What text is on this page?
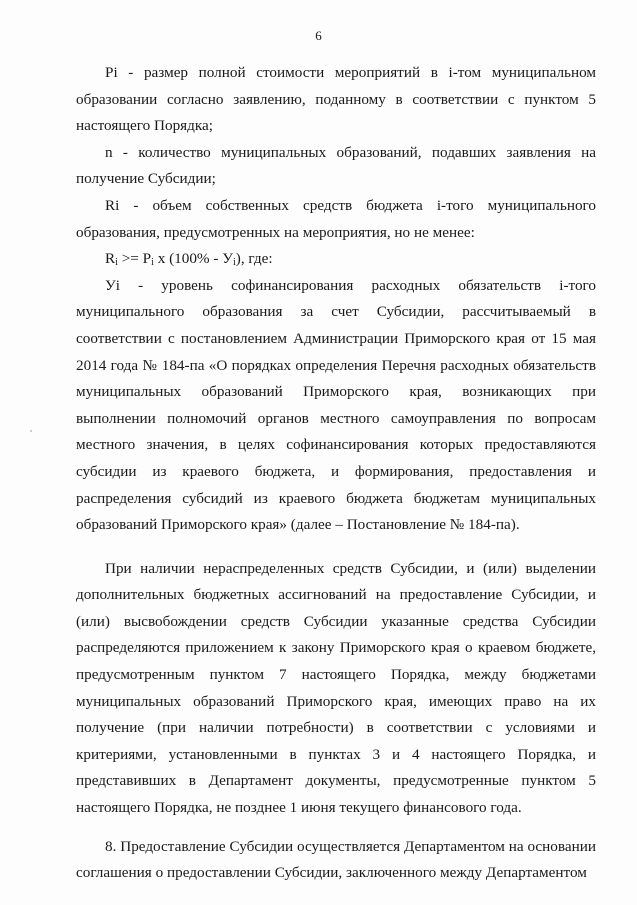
6

Pi - размер полной стоимости мероприятий в i-том муниципальном образовании согласно заявлению, поданному в соответствии с пунктом 5 настоящего Порядка;

n - количество муниципальных образований, подавших заявления на получение Субсидии;

Ri - объем собственных средств бюджета i-того муниципального образования, предусмотренных на мероприятия, но не менее:

$R_i >= P_i$ x $(100\% - У_i)$, где:

Уi - уровень софинансирования расходных обязательств i-того муниципального образования за счет Субсидии, рассчитываемый в соответствии с постановлением Администрации Приморского края от 15 мая 2014 года № 184-па «О порядках определения Перечня расходных обязательств муниципальных образований Приморского края, возникающих при выполнении полномочий органов местного самоуправления по вопросам местного значения, в целях софинансирования которых предоставляются субсидии из краевого бюджета, и формирования, предоставления и распределения субсидий из краевого бюджета бюджетам муниципальных образований Приморского края» (далее – Постановление № 184-па).

При наличии нераспределенных средств Субсидии, и (или) выделении дополнительных бюджетных ассигнований на предоставление Субсидии, и (или) высвобождении средств Субсидии указанные средства Субсидии распределяются приложением к закону Приморского края о краевом бюджете, предусмотренным пунктом 7 настоящего Порядка, между бюджетами муниципальных образований Приморского края, имеющих право на их получение (при наличии потребности) в соответствии с условиями и критериями, установленными в пунктах 3 и 4 настоящего Порядка, и представивших в Департамент документы, предусмотренные пунктом 5 настоящего Порядка, не позднее 1 июня текущего финансового года.

8. Предоставление Субсидии осуществляется Департаментом на основании соглашения о предоставлении Субсидии, заключенного между Департаментом
